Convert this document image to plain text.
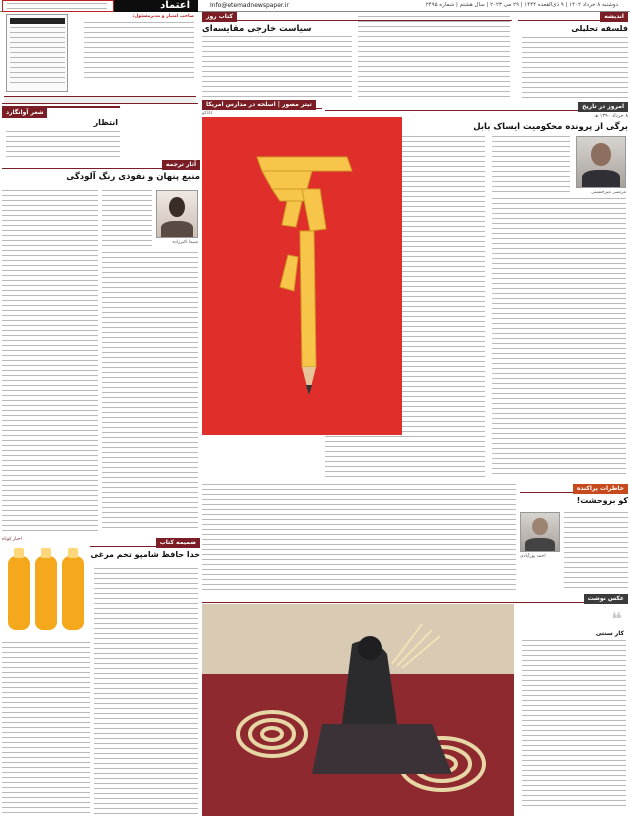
Info@etemadnewspaper.ir	دوشنبه ۸ خرداد ۱۴۰۲ | ۹ ذی‌القعده ۱۴۴۴ | ۲۹ می ۲۰۲۳ | سال هشتم | شماره ۲۴۹۵
اعتماد
صاحب امتیاز و مدیرمسئول:	اندیشه
فلسفه تحلیلی
کتاب روز
سیاست خارجی مقایسه‌ای
شعر آوانگارد
انتظار
امروز در تاریخ
۸ خرداد ۱۳۹۰ ه‍.
برگی از پرونده محکومیت ایساک بابل
مرتضی میرحسینی
تیتر مصور | اسلحه در مدارس امریکا
کاتاکو
آثار ترجمه
منبع پنهان و نفوذی رنگ آلودگی
شیما اکبرزاده
خاطرات پراکنده
کو بروحشت!
احمد پورآبادی
ضمیمه کتاب
خدا حافظ شامپو تخم مرغی
اخبار کوتاه
عکس نوشت
❝
کار سنتی
